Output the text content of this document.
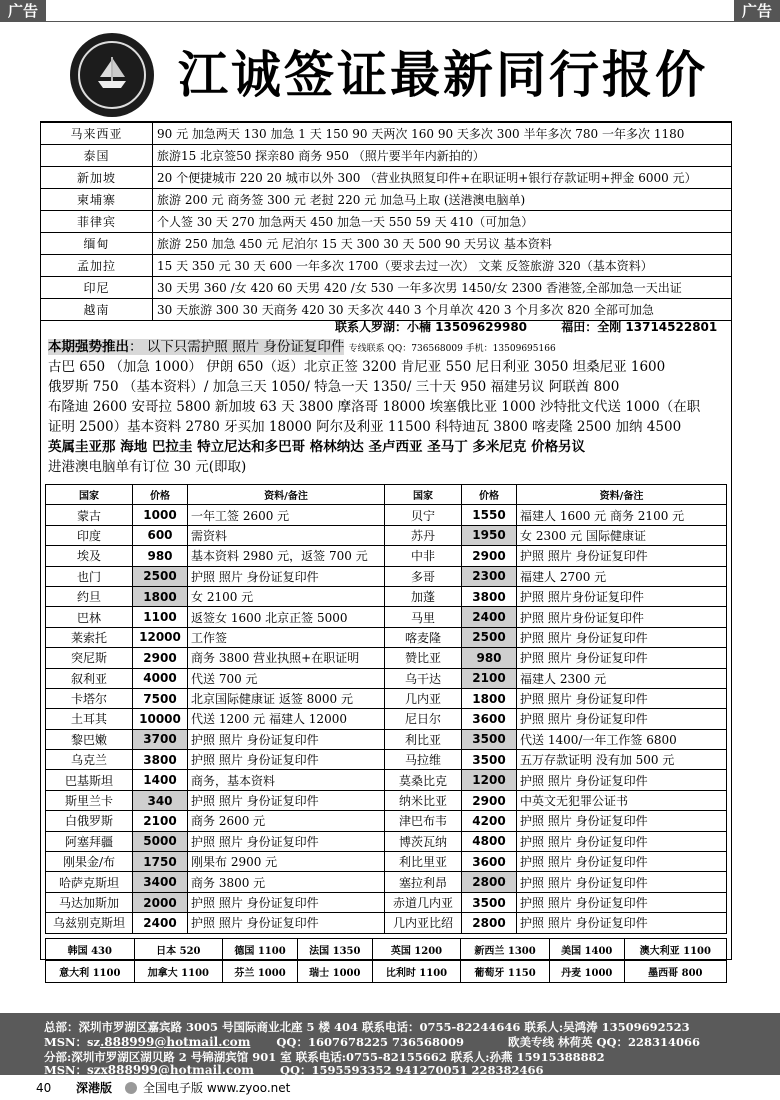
广告	广告
江诚签证最新同行报价
马来西亚	90 元 加急两天 130 加急 1 天 150 90 天两次 160 90 天多次 300 半年多次 780 一年多次 1180
泰国	旅游15 北京签50 探亲80 商务 950 （照片要半年内新拍的）
新加坡	20 个便捷城市 220 20 城市以外 300 （营业执照复印件+在职证明+银行存款证明+押金 6000 元）
柬埔寨	旅游 200 元 商务签 300 元 老挝 220 元 加急马上取 (送港澳电脑单)
菲律宾	个人签 30 天 270 加急两天 450 加急一天 550 59 天 410（可加急）
缅甸	旅游 250 加急 450 元 尼泊尔 15 天 300 30 天 500 90 天另议 基本资料
孟加拉	15 天 350 元 30 天 600 一年多次 1700（要求去过一次） 文莱 反签旅游 320（基本资料）
印尼	30 天男 360 /女 420 60 天男 420 /女 530 一年多次男 1450/女 2300 香港签,全部加急一天出证
越南	30 天旅游 300 30 天商务 420 30 天多次 440 3 个月单次 420 3 个月多次 820 全部可加急
联系人罗湖：小楠 13509629980	福田：全刚 13714522801
本期强势推出： 以下只需护照 照片 身份证复印件 专线联系 QQ：736568009 手机：13509695166
古巴 650 （加急 1000） 伊朗 650（返）北京正签 3200 肯尼亚 550 尼日利亚 3050 坦桑尼亚 1600
俄罗斯 750 （基本资料）/ 加急三天 1050/ 特急一天 1350/ 三十天 950 福建另议 阿联酋 800
布隆迪 2600 安哥拉 5800 新加坡 63 天 3800 摩洛哥 18000 埃塞俄比亚 1000 沙特批文代送 1000（在职
证明 2500）基本资料 2780 牙买加 18000 阿尔及利亚 11500 科特迪瓦 3800 喀麦隆 2500 加纳 4500
英属圭亚那 海地 巴拉圭 特立尼达和多巴哥 格林纳达 圣卢西亚 圣马丁 多米尼克 价格另议
进港澳电脑单有订位 30 元(即取)
国家	价格	资料/备注	国家	价格	资料/备注
蒙古	1000	一年工签 2600 元	贝宁	1550	福建人 1600 元 商务 2100 元
印度	600	需资料	苏丹	1950	女 2300 元 国际健康证
埃及	980	基本资料 2980 元，返签 700 元	中非	2900	护照 照片 身份证复印件
也门	2500	护照 照片 身份证复印件	多哥	2300	福建人 2700 元
约旦	1800	女 2100 元	加蓬	3800	护照 照片身份证复印件
巴林	1100	返签女 1600 北京正签 5000	马里	2400	护照 照片身份证复印件
莱索托	12000	工作签	喀麦隆	2500	护照 照片 身份证复印件
突尼斯	2900	商务 3800 营业执照+在职证明	赞比亚	980	护照 照片 身份证复印件
叙利亚	4000	代送 700 元	乌干达	2100	福建人 2300 元
卡塔尔	7500	北京国际健康证 返签 8000 元	几内亚	1800	护照 照片 身份证复印件
土耳其	10000	代送 1200 元 福建人 12000	尼日尔	3600	护照 照片 身份证复印件
黎巴嫩	3700	护照 照片 身份证复印件	利比亚	3500	代送 1400/一年工作签 6800
乌克兰	3800	护照 照片 身份证复印件	马拉维	3500	五万存款证明 没有加 500 元
巴基斯坦	1400	商务，基本资料	莫桑比克	1200	护照 照片 身份证复印件
斯里兰卡	340	护照 照片 身份证复印件	纳米比亚	2900	中英文无犯罪公证书
白俄罗斯	2100	商务 2600 元	津巴布韦	4200	护照 照片 身份证复印件
阿塞拜疆	5000	护照 照片 身份证复印件	博茨瓦纳	4800	护照 照片 身份证复印件
刚果金/布	1750	刚果布 2900 元	利比里亚	3600	护照 照片 身份证复印件
哈萨克斯坦	3400	商务 3800 元	塞拉利昂	2800	护照 照片 身份证复印件
马达加斯加	2000	护照 照片 身份证复印件	赤道几内亚	3500	护照 照片 身份证复印件
乌兹别克斯坦	2400	护照 照片 身份证复印件	几内亚比绍	2800	护照 照片 身份证复印件
韩国 430	日本 520	德国 1100	法国 1350	英国 1200	新西兰 1300	美国 1400	澳大利亚 1100
意大利 1100	加拿大 1100	芬兰 1000	瑞士 1000	比利时 1100	葡萄牙 1150	丹麦 1000	墨西哥 800
总部：深圳市罗湖区嘉宾路 3005 号国际商业北座 5 楼 404 联系电话：0755-82244646 联系人:吴鸿涛 13509692523
MSN：sz.888999@hotmail.com QQ：1607678225 736568009	欧美专线 林荷英 QQ：228314066
分部:深圳市罗湖区湖贝路 2 号锦湖宾馆 901 室 联系电话:0755-82155662 联系人:孙燕 15915388882
MSN：szx888999@hotmail.com QQ：1595593352 941270051 228382466
40 深港版	全国电子版 www.zyoo.net
